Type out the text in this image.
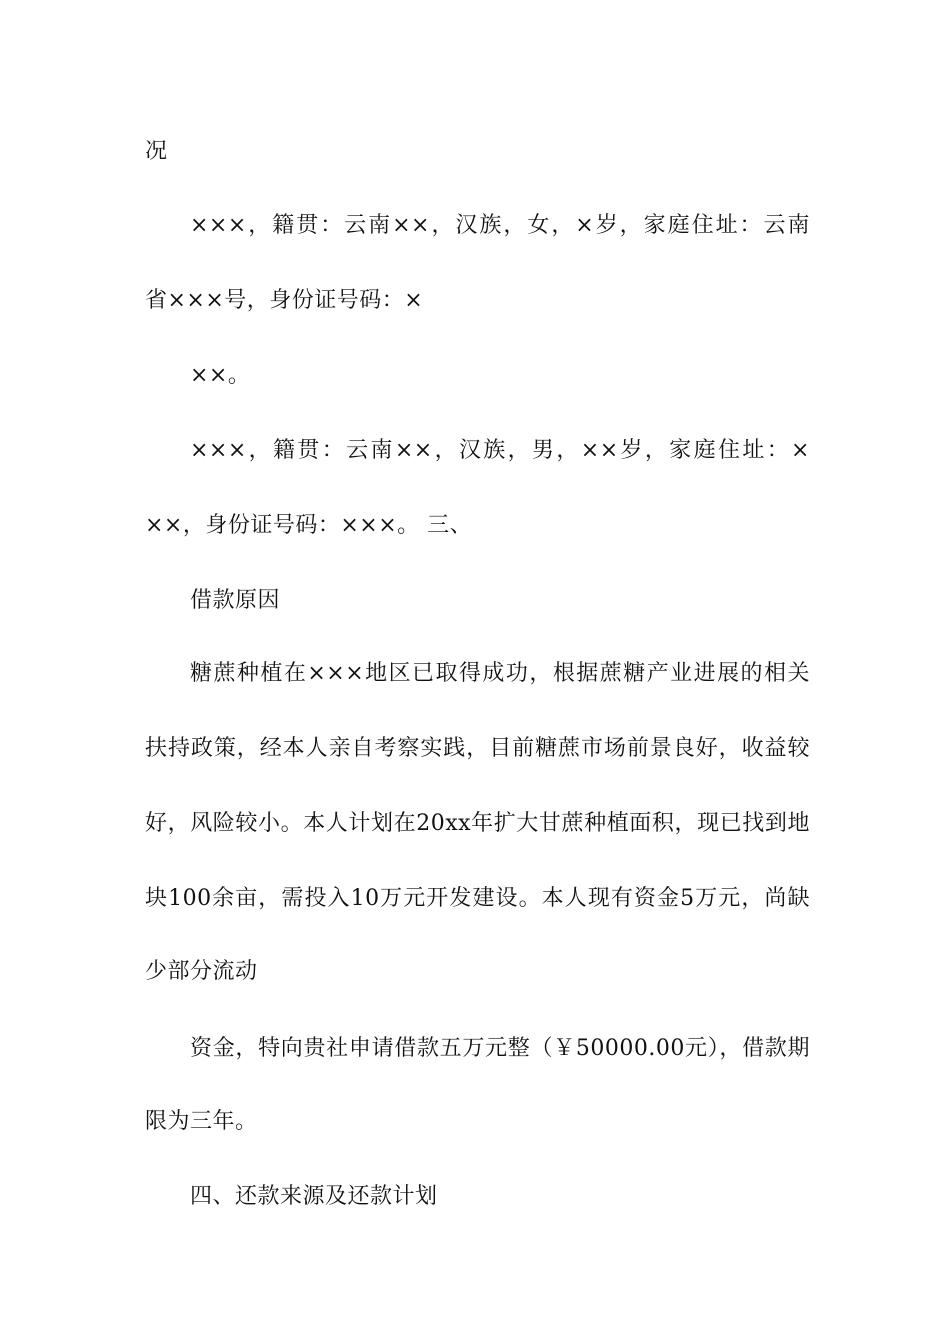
况
×××，籍贯：云南××，汉族，女，×岁，家庭住址：云南
省×××号，身份证号码：×
××。
×××，籍贯：云南××，汉族，男，××岁，家庭住址：×
××，身份证号码：×××。 三、
借款原因
糖蔗种植在×××地区已取得成功，根据蔗糖产业进展的相关
扶持政策，经本人亲自考察实践，目前糖蔗市场前景良好，收益较
好，风险较小。本人计划在20xx年扩大甘蔗种植面积，现已找到地
块100余亩，需投入10万元开发建设。本人现有资金5万元，尚缺
少部分流动
资金，特向贵社申请借款五万元整（￥50000.00元），借款期
限为三年。
四、还款来源及还款计划
